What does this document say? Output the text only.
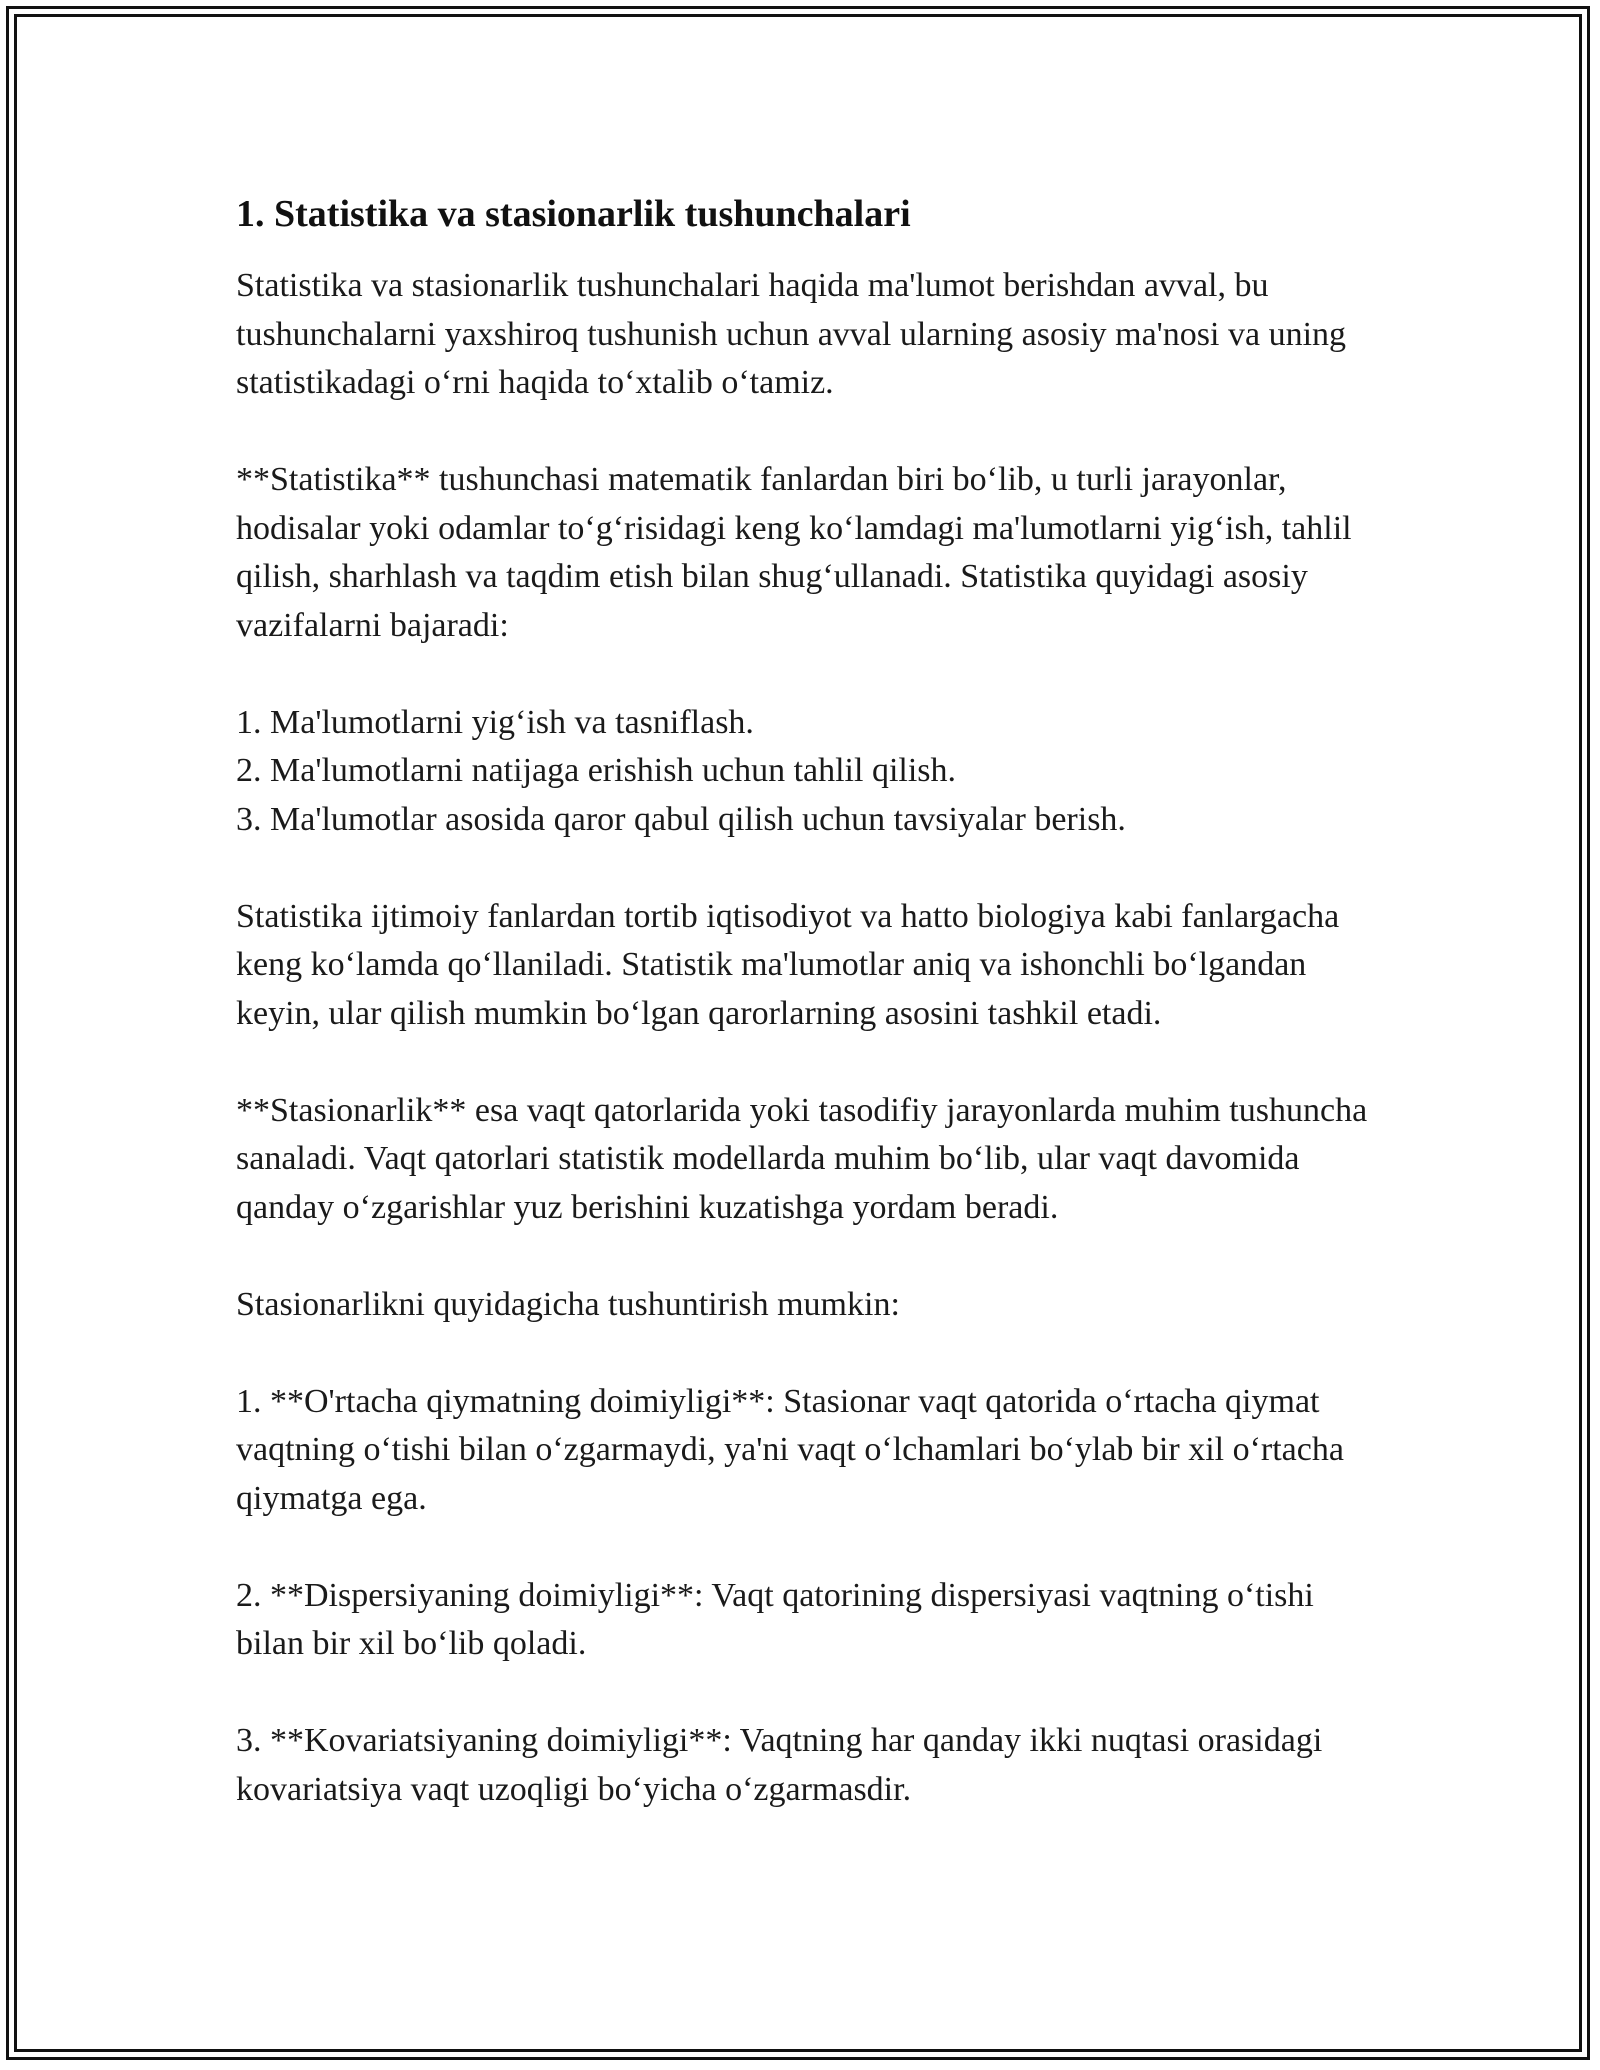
1. Statistika va stasionarlik tushunchalari

Statistika va stasionarlik tushunchalari haqida ma'lumot berishdan avval, bu tushunchalarni yaxshiroq tushunish uchun avval ularning asosiy ma'nosi va uning statistikadagi o‘rni haqida to‘xtalib o‘tamiz.

**Statistika** tushunchasi matematik fanlardan biri bo‘lib, u turli jarayonlar, hodisalar yoki odamlar to‘g‘risidagi keng ko‘lamdagi ma'lumotlarni yig‘ish, tahlil qilish, sharhlash va taqdim etish bilan shug‘ullanadi. Statistika quyidagi asosiy vazifalarni bajaradi:

1. Ma'lumotlarni yig‘ish va tasniflash.
2. Ma'lumotlarni natijaga erishish uchun tahlil qilish.
3. Ma'lumotlar asosida qaror qabul qilish uchun tavsiyalar berish.

Statistika ijtimoiy fanlardan tortib iqtisodiyot va hatto biologiya kabi fanlargacha keng ko‘lamda qo‘llaniladi. Statistik ma'lumotlar aniq va ishonchli bo‘lgandan keyin, ular qilish mumkin bo‘lgan qarorlarning asosini tashkil etadi.

**Stasionarlik** esa vaqt qatorlarida yoki tasodifiy jarayonlarda muhim tushuncha sanaladi. Vaqt qatorlari statistik modellarda muhim bo‘lib, ular vaqt davomida qanday o‘zgarishlar yuz berishini kuzatishga yordam beradi.

Stasionarlikni quyidagicha tushuntirish mumkin:

1. **O'rtacha qiymatning doimiyligi**: Stasionar vaqt qatorida o‘rtacha qiymat vaqtning o‘tishi bilan o‘zgarmaydi, ya'ni vaqt o‘lchamlari bo‘ylab bir xil o‘rtacha qiymatga ega.

2. **Dispersiyaning doimiyligi**: Vaqt qatorining dispersiyasi vaqtning o‘tishi bilan bir xil bo‘lib qoladi.

3. **Kovariatsiyaning doimiyligi**: Vaqtning har qanday ikki nuqtasi orasidagi kovariatsiya vaqt uzoqligi bo‘yicha o‘zgarmasdir.
